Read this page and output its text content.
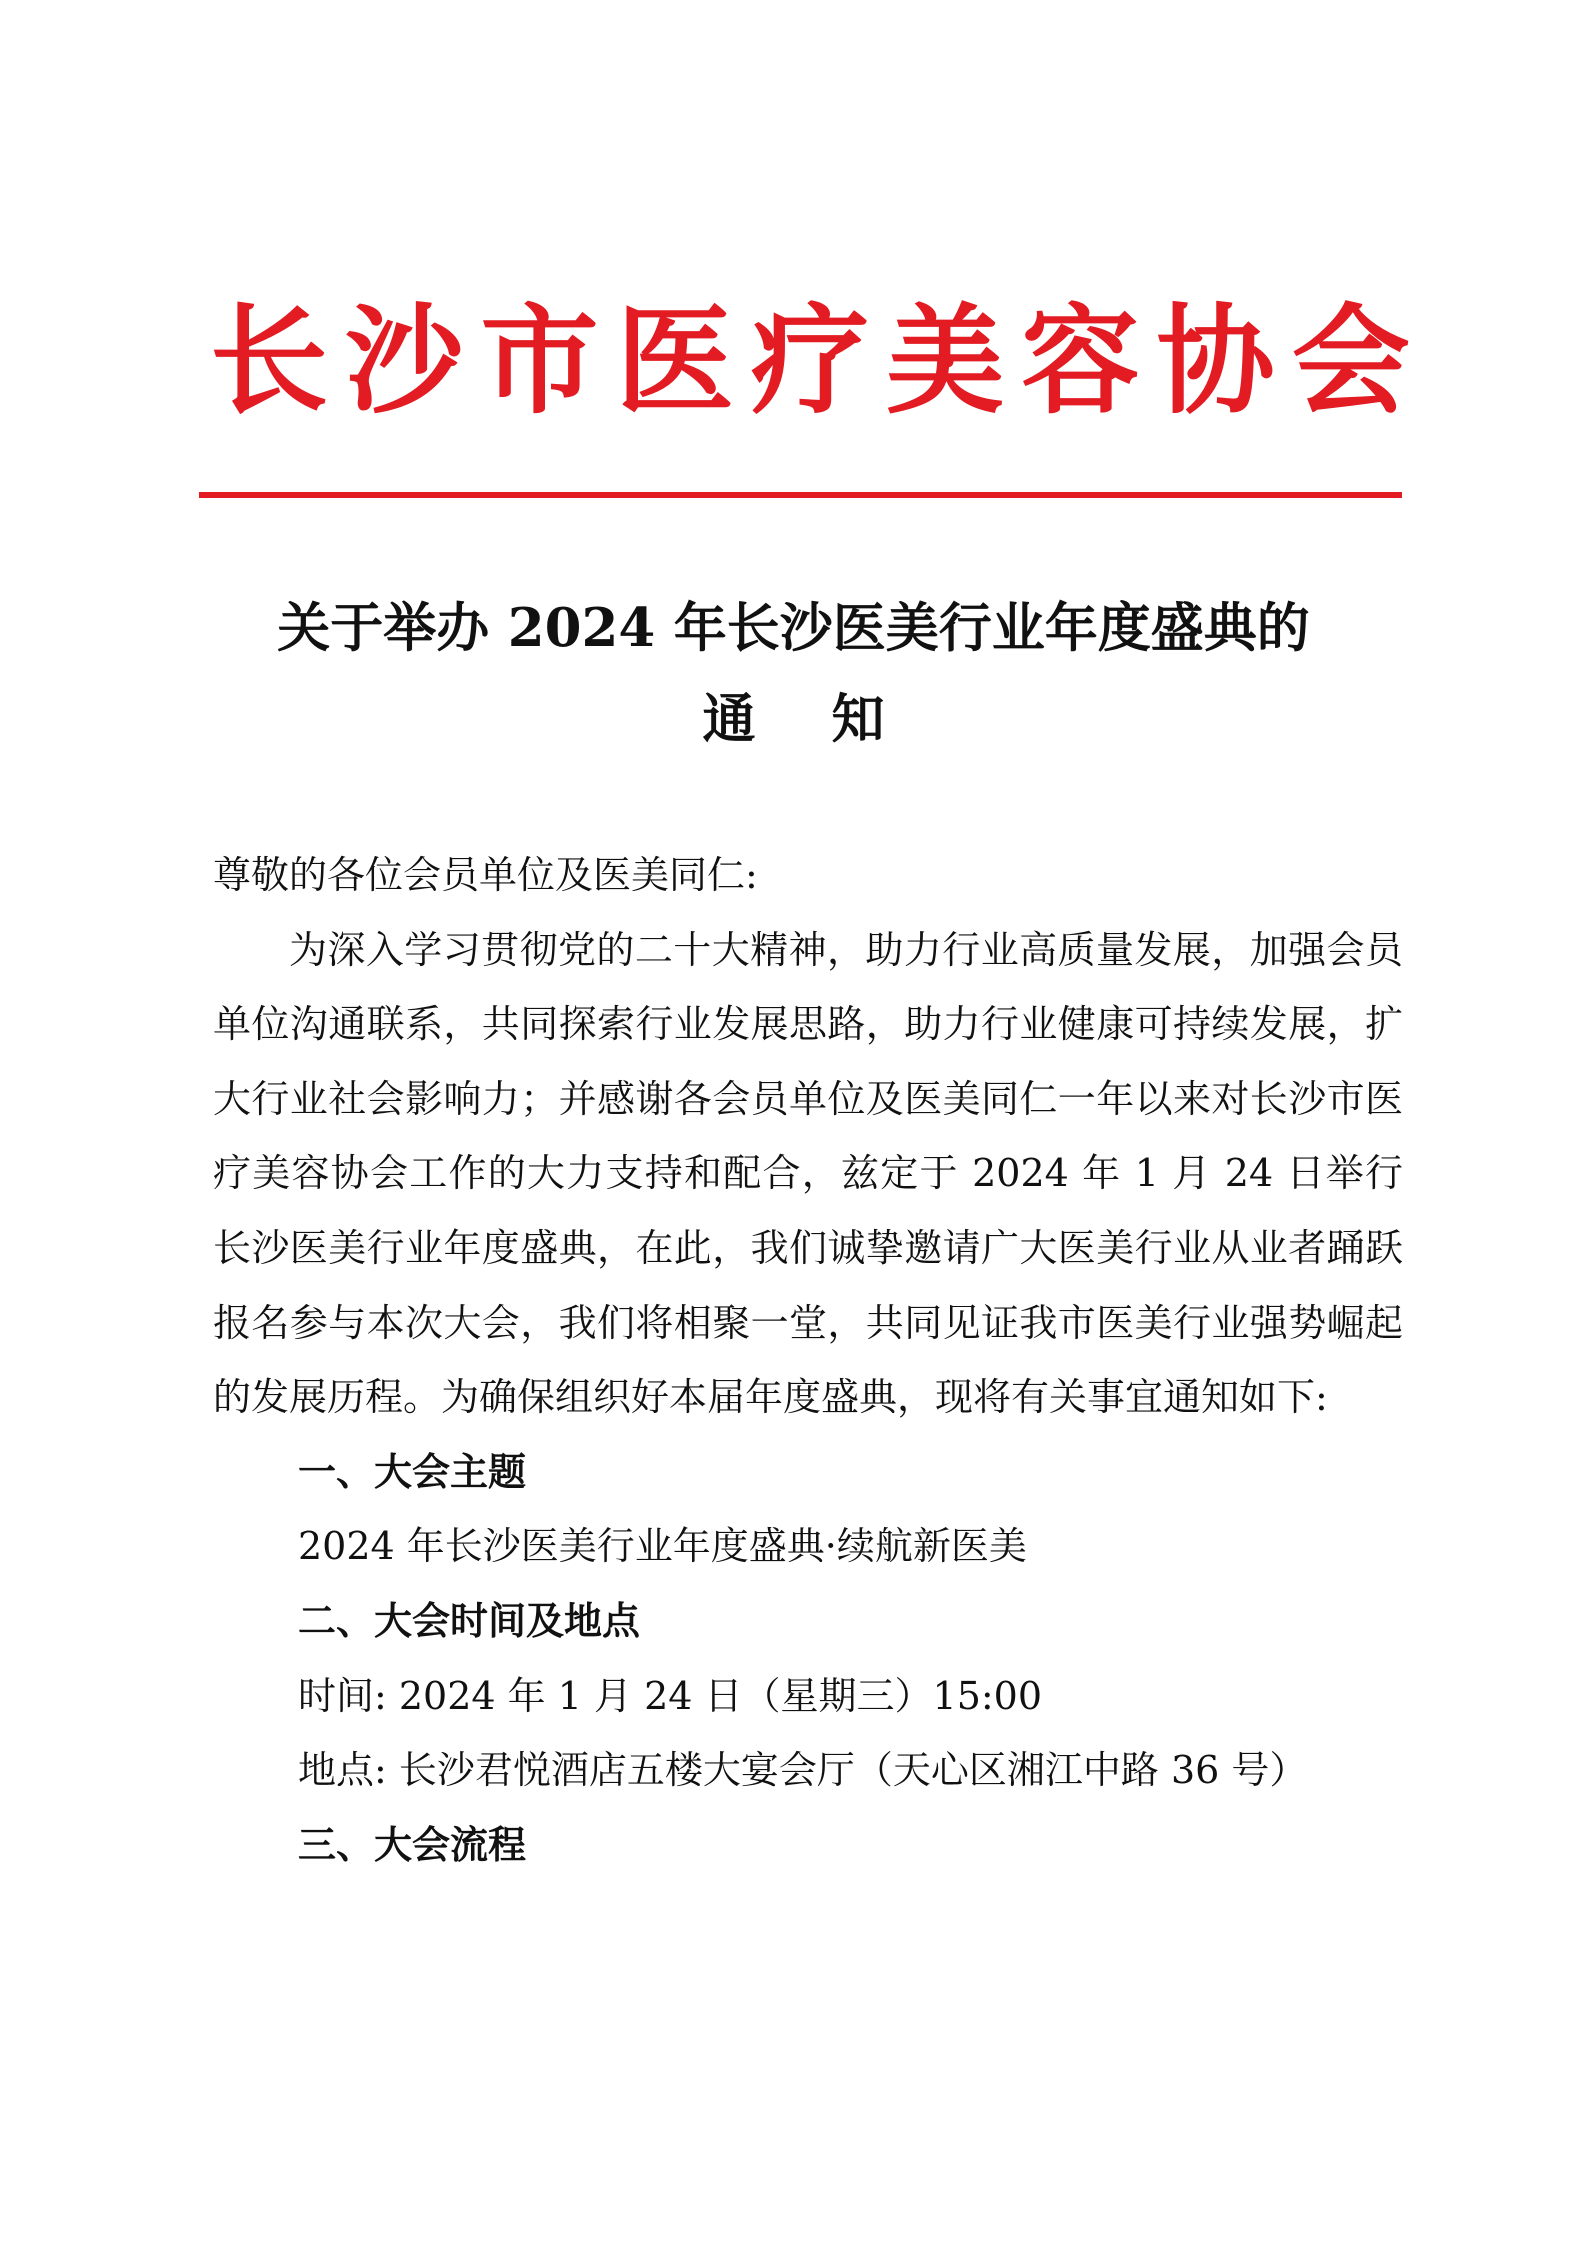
长 沙 市 医 疗 美 容 协 会
关于举办 2024 年长沙医美行业年度盛典的
通知

尊敬的各位会员单位及医美同仁:

为深入学习贯彻党的二十大精神，助力行业高质量发展，加强会员单位沟通联系，共同探索行业发展思路，助力行业健康可持续发展，扩大行业社会影响力；并感谢各会员单位及医美同仁一年以来对长沙市医疗美容协会工作的大力支持和配合，兹定于 2024 年 1 月 24 日举行长沙医美行业年度盛典，在此，我们诚挚邀请广大医美行业从业者踊跃报名参与本次大会，我们将相聚一堂，共同见证我市医美行业强势崛起的发展历程。为确保组织好本届年度盛典，现将有关事宜通知如下:

一、大会主题

2024 年长沙医美行业年度盛典·续航新医美

二、大会时间及地点

时间: 2024 年 1 月 24 日（星期三）15:00

地点: 长沙君悦酒店五楼大宴会厅（天心区湘江中路 36 号）

三、大会流程
